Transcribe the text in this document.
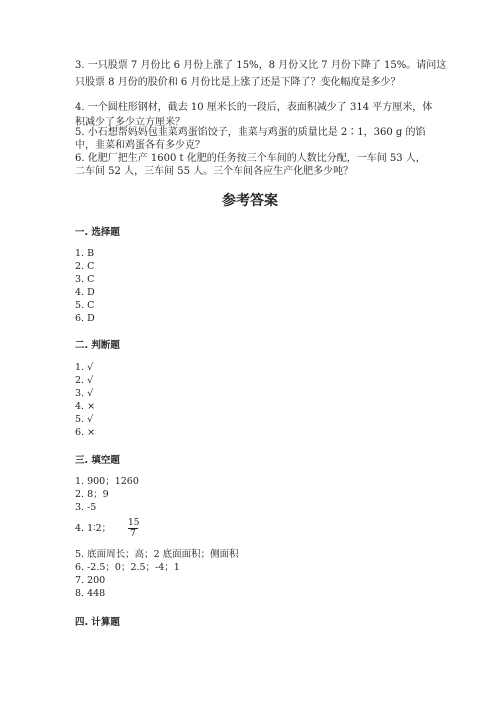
3. 一只股票 7 月份比 6 月份上涨了 15%，8 月份又比 7 月份下降了 15%。请问这
只股票 8 月份的股价和 6 月份比是上涨了还是下降了？变化幅度是多少？
4. 一个圆柱形钢材，截去 10 厘米长的一段后，表面积减少了 314 平方厘米，体
积减少了多少立方厘米？
5. 小石想帮妈妈包韭菜鸡蛋馅饺子，韭菜与鸡蛋的质量比是 2∶1，360 g 的馅
中，韭菜和鸡蛋各有多少克？
6. 化肥厂把生产 1600 t 化肥的任务按三个车间的人数比分配，一车间 53 人，
二车间 52 人，三车间 55 人。三个车间各应生产化肥多少吨？
参考答案
一. 选择题
1. B
2. C
3. C
4. D
5. C
6. D
二. 判断题
1. √
2. √
3. √
4. ×
5. √
6. ×
三. 填空题
1. 900；1260
2. 8；9
3. -5
4. 1∶2； $\frac{15}{7}$
5. 底面周长；高；2 底面面积；侧面积
6. -2.5；0；2.5；-4；1
7. 200
8. 448
四. 计算题
